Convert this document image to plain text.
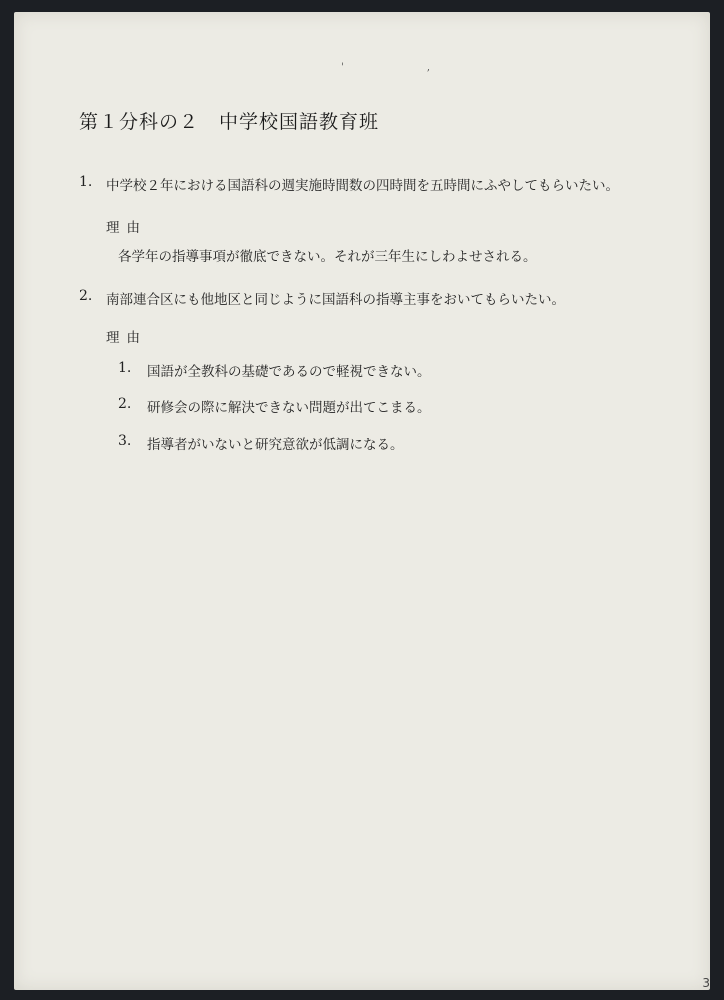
' ,
第１分科の２　中学校国語教育班
1. 中学校２年における国語科の週実施時間数の四時間を五時間にふやしてもらいたい。
理由
各学年の指導事項が徹底できない。それが三年生にしわよせされる。
2. 南部連合区にも他地区と同じように国語科の指導主事をおいてもらいたい。
理由
1. 国語が全教科の基礎であるので軽視できない。
2. 研修会の際に解決できない問題が出てこまる。
3. 指導者がいないと研究意欲が低調になる。
3
